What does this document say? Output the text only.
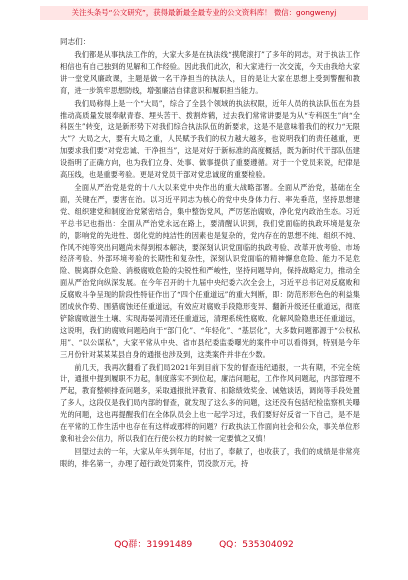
关注头条号“公文研究”，获得最新最全最专业的公文资料库！ 微信：gongwenyj

同志们：

我们都是从事执法工作的，大家大多是在执法线“摸爬滚打”了多年的同志，对于执法工作相信也有自己独到的见解和工作经验。因此我们此次，和大家进行一次交流，今天由我给大家讲一堂党风廉政课，主题是做一名干净担当的执法人，目的是让大家在思想上受到警醒和教育，进一步筑牢思想防线，增强廉洁自律意识和履职担当能力。

我们局称得上是一个“大局”，综合了全县个领域的执法权限，近年人员的执法队伍在为县推动高质量发展奉献青春、埋头苦干、拨割炸鹤，过去我们常常讲要是为从“专科医生”向“全科医生”转变，这是新形势下对我们综合执法队伍的新要求，这是不是意味着我们的权力“无限大”？大局之大，要有大局之重，人民赋予我们的权力越大越多，也说明我们的责任越重，更加要求我们要“对党忠诚、干净担当”，这是对好于新标准的高度概括，既为新时代干部队伍建设指明了正确方向，也为我们立身、处事、做事提供了重要遵循。对于一个党员来说，纪律是高压线，也是重要考验。更是对党员干部对党忠诚度的重要检验。

全面从严治党是党的十八大以来党中央作出的重大战略部署。全面从严治党，基础在全面，关键在严，要害在治。以习近平同志为核心的党中央身体力行、率先垂范，坚持思想建党、组织建党和制度治党紧密结合，集中整饬党风，严厉惩治腐败，净化党内政治生态。习近平总书记也指出：全面从严治党永远在路上，要清醒认识到，我们党面临的执政环境是复杂的，影响党的先进性、弱化党的纯洁性的因素也是复杂的，党内存在的思想不纯、组织不纯、作风不纯等突出问题尚未得到根本解决，要深刻认识党面临的执政考验、改革开放考验、市场经济考验、外部环境考验的长期性和复杂性，深刻认识党面临的精神懈怠危险、能力不足危险、脱离群众危险、消极腐败危险的尖锐性和严峻性，坚持问题导向，保持战略定力，推动全面从严治党向纵深发展。在今年召开的十九届中央纪委六次全会上，习近平总书记对反腐败和反腐败斗争呈现的阶段性特征作出了“四个任重道远”的重大判断，即：防范形形色色的利益集团成伙作势、围猎腐蚀还任重道远，有效应对腐败手段隐形变异、翻新升级还任重道远，彻底铲除腐败滋生土壤、实现海晏河清还任重道远，清理系统性腐败、化解风险隐患还任重道远，这说明，我们的腐败问题趋向于“部门化”、“年轻化”、“基层化”，大多数问题都源于“公权私用”、“以公谋私”，大家平常从中央、省市县纪委监委曝光的案件中可以看得到，特别是今年三月份针对某某某县自身的通报也涉及到，这类案件并非在少数。

前几天，我再次翻看了我们局2021年到目前下发的督查违纪通报，一共有期，不完全统计，通报中提到履职不力起，制度落实不到位起，廉洁问题起，工作作风问题起，内部管理不严起，教育整顿排查问题多，采取通报批评教育、扣除绩效奖金、诫勉谈话，调岗等手段处置了多人，这段仅是我们局内部的督查，就发现了这么多的问题，这还没有包括纪检监察机关曝光的问题，这也再提醒我们在全体队员会上也一起学习过，我们要好好反省一下自己，是不是在平常的工作生活中也存在有这样或那样的问题？行政执法工作面向社会和公众，事关单位形象和社会公信力，所以我们在行使公权力的时候一定要慎之又慎！

回望过去的一年，大家从年头到年尾，付出了，奉献了，也收获了，我们的成绩是非常亮眼的，排名第一，办理了超行政处罚案件，罚没款万元，持

QQ群：31991489	QQ：535304092
